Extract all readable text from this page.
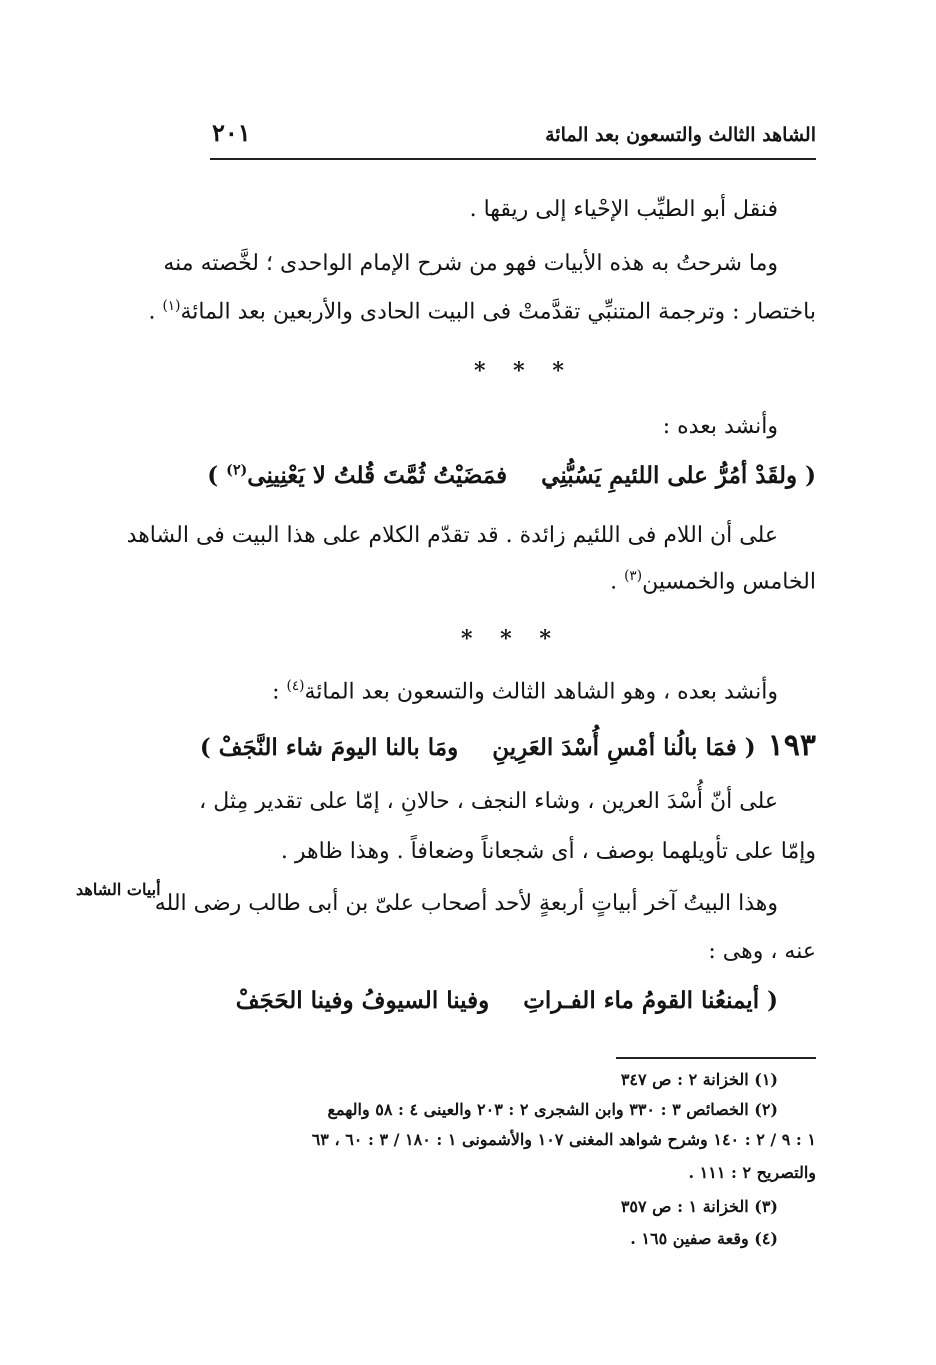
الشاهد الثالث والتسعون بعد المائة
٢٠١
فنقل أبو الطيِّب الإحْياء إلى ريقها .
وما شرحتُ به هذه الأبيات فهو من شرح الإمام الواحدى ؛ لخَّصته منه
باختصار : وترجمة المتنبِّي تقدَّمتْ فى البيت الحادى والأربعين بعد المائة$^{(١)}$ .
* * *
وأنشد بعده :
( ولقَدْ أمُرُّ على اللئيمِ يَسُبُّنِيفمَضَيْتُ ثُمَّتَ قُلتُ لا يَعْنِينِى$^{(٢)}$ )
على أن اللام فى اللئيم زائدة . قد تقدّم الكلام على هذا البيت فى الشاهد
الخامس والخمسين$^{(٣)}$ .
* * *
وأنشد بعده ، وهو الشاهد الثالث والتسعون بعد المائة$^{(٤)}$ :
١٩٣( فمَا بالُنا أمْسِ أُسْدَ العَرِينِومَا بالنا اليومَ شاء النَّجَفْ )
على أنّ أُسْدَ العرين ، وشاء النجف ، حالانِ ، إمّا على تقدير مِثل ،
وإمّا على تأويلهما بوصف ، أى شجعاناً وضعافاً . وهذا ظاهر .
وهذا البيتُ آخر أبياتٍ أربعةٍ لأحد أصحاب علىّ بن أبى طالب رضى الله
أبيات الشاهد
عنه ، وهى :
( أيمنعُنا القومُ ماء الفـراتِوفينا السيوفُ وفينا الحَجَفْ
(١) الخزانة ٢ : ص ٣٤٧
(٢) الخصائص ٣ : ٣٣٠ وابن الشجرى ٢ : ٢٠٣ والعينى ٤ : ٥٨ والهمع
١ : ٩ / ٢ : ١٤٠ وشرح شواهد المغنى ١٠٧ والأشمونى ١ : ١٨٠ / ٣ : ٦٠ ، ٦٣
والتصريح ٢ : ١١١ .
(٣) الخزانة ١ : ص ٣٥٧
(٤) وقعة صفين ١٦٥ .
